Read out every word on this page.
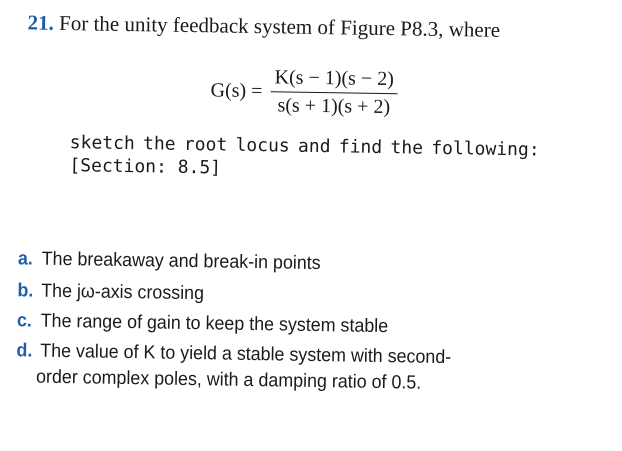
21. For the unity feedback system of Figure P8.3, where
$G(s) = \frac{K(s - 1)(s - 2)}{s(s + 1)(s + 2)}$
sketch the root locus and find the following:
[Section: 8.5]
a. The breakaway and break-in points
b. The jω-axis crossing
c. The range of gain to keep the system stable
d. The value of K to yield a stable system with second-
order complex poles, with a damping ratio of 0.5.
